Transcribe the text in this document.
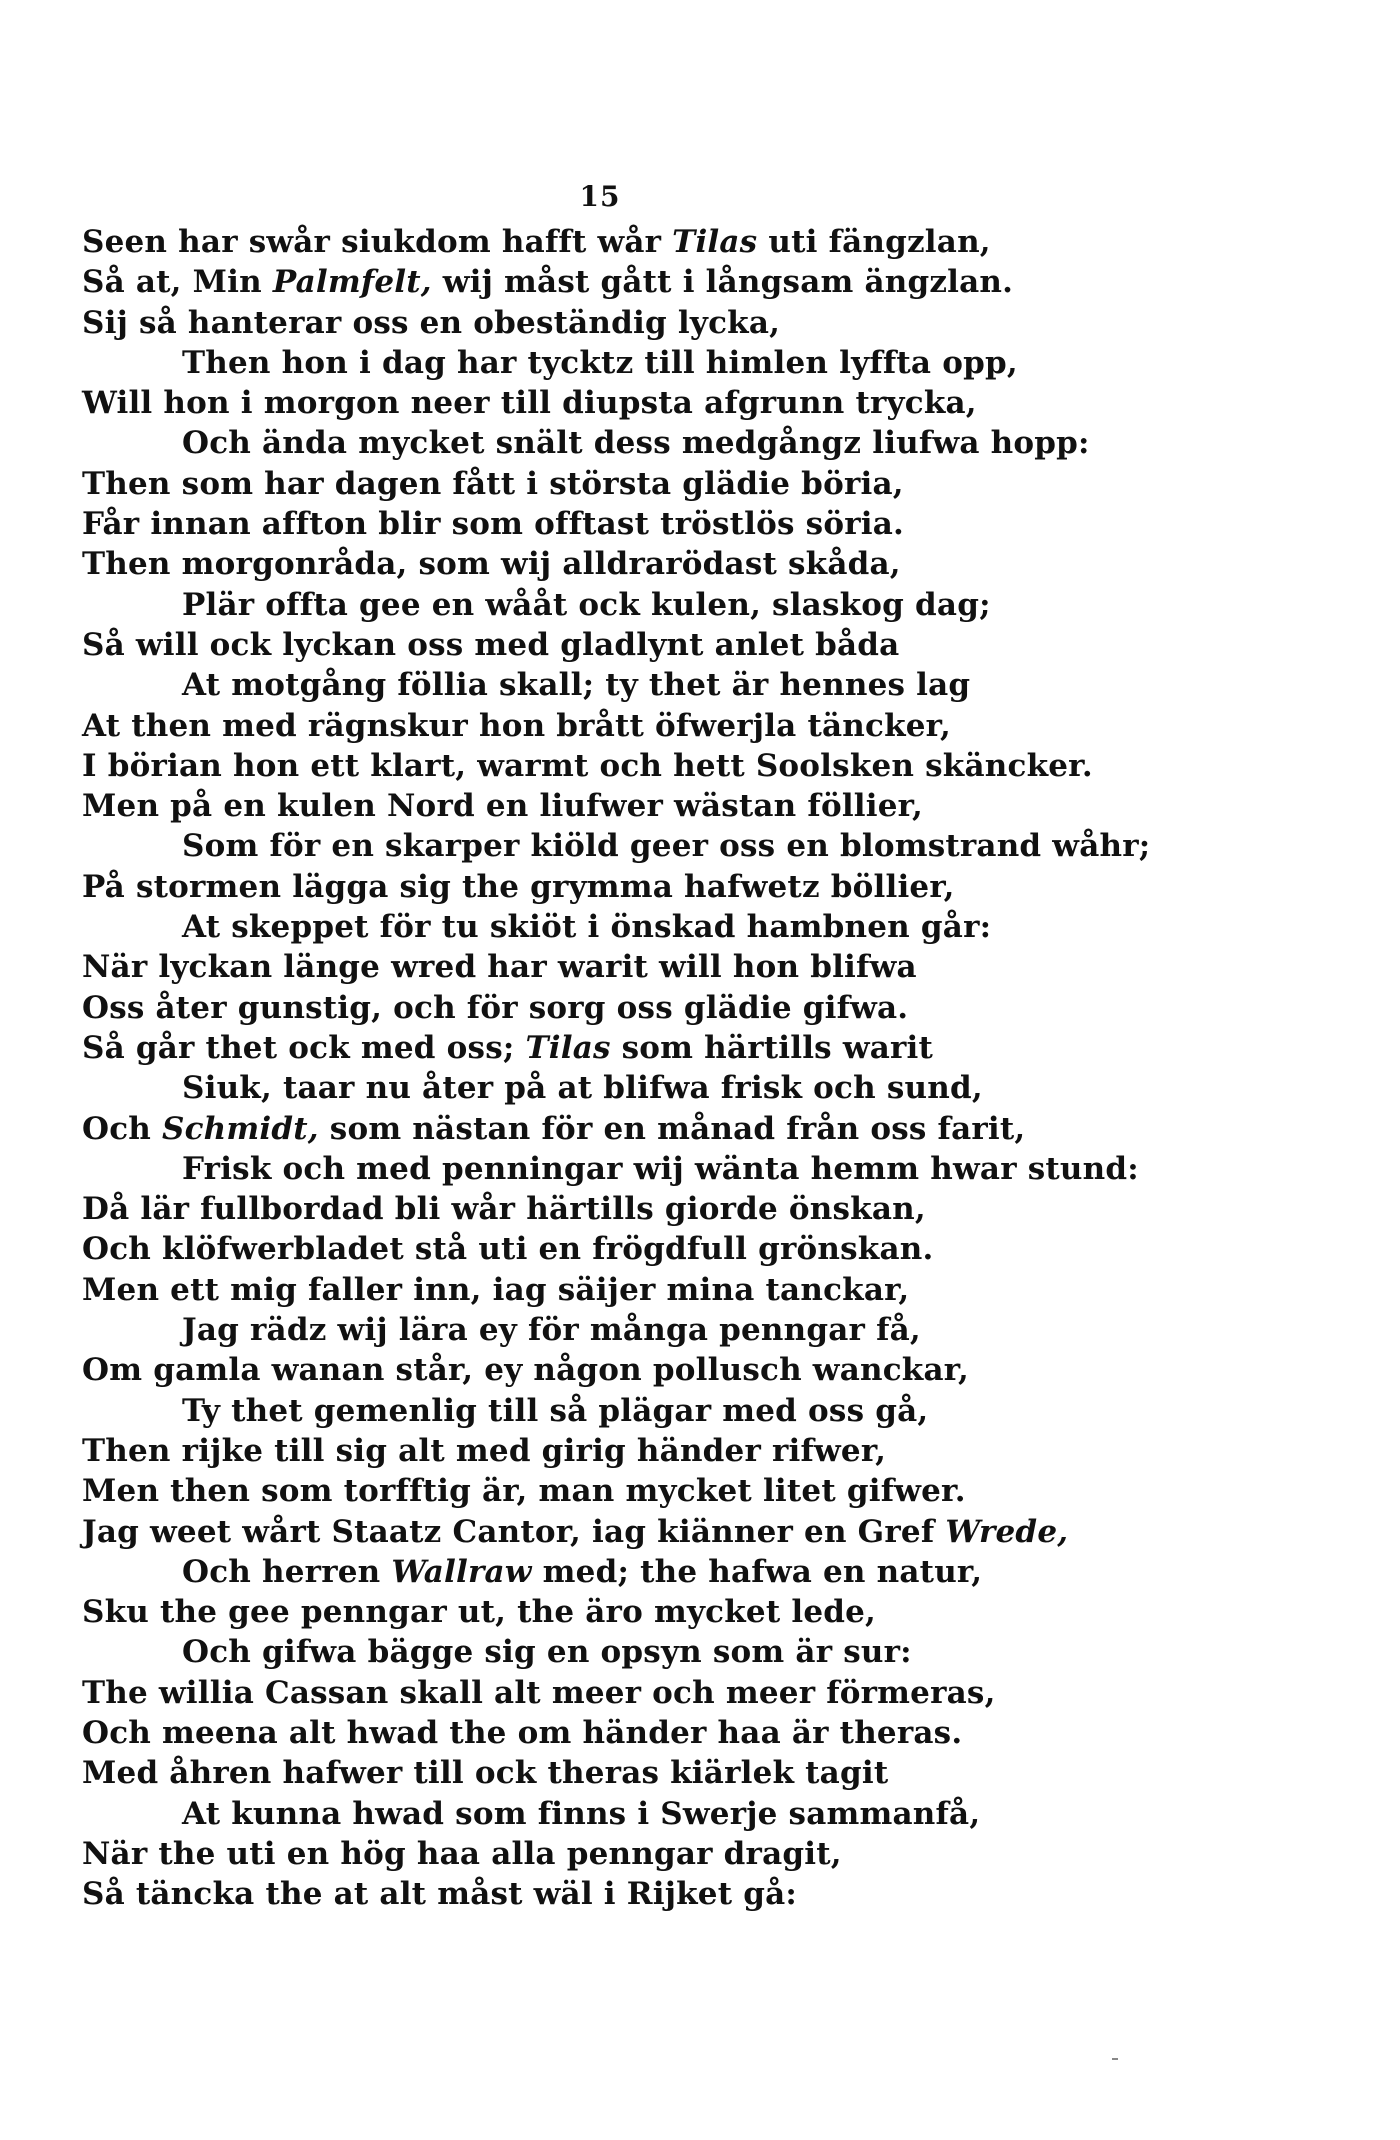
15
Seen har swår siukdom hafft wår Tilas uti fängzlan,
Så at, Min Palmfelt, wij måst gått i långsam ängzlan.
Sij så hanterar oss en obeständig lycka,
Then hon i dag har tycktz till himlen lyffta opp,
Will hon i morgon neer till diupsta afgrunn trycka,
Och ända mycket snält dess medgångz liufwa hopp:
Then som har dagen fått i största glädie böria,
Får innan affton blir som offtast tröstlös söria.
Then morgonråda, som wij alldrarödast skåda,
Plär offta gee en wååt ock kulen, slaskog dag;
Så will ock lyckan oss med gladlynt anlet båda
At motgång föllia skall; ty thet är hennes lag
At then med rägnskur hon brått öfwerjla täncker,
I börian hon ett klart, warmt och hett Soolsken skäncker.
Men på en kulen Nord en liufwer wästan föllier,
Som för en skarper kiöld geer oss en blomstrand wåhr;
På stormen lägga sig the grymma hafwetz böllier,
At skeppet för tu skiöt i önskad hambnen går:
När lyckan länge wred har warit will hon blifwa
Oss åter gunstig, och för sorg oss glädie gifwa.
Så går thet ock med oss; Tilas som härtills warit
Siuk, taar nu åter på at blifwa frisk och sund,
Och Schmidt, som nästan för en månad från oss farit,
Frisk och med penningar wij wänta hemm hwar stund:
Då lär fullbordad bli wår härtills giorde önskan,
Och klöfwerbladet stå uti en frögdfull grönskan.
Men ett mig faller inn, iag säijer mina tanckar,
Jag rädz wij lära ey för många penngar få,
Om gamla wanan står, ey någon pollusch wanckar,
Ty thet gemenlig till så plägar med oss gå,
Then rijke till sig alt med girig händer rifwer,
Men then som torfftig är, man mycket litet gifwer.
Jag weet wårt Staatz Cantor, iag kiänner en Gref Wrede,
Och herren Wallraw med; the hafwa en natur,
Sku the gee penngar ut, the äro mycket lede,
Och gifwa bägge sig en opsyn som är sur:
The willia Cassan skall alt meer och meer förmeras,
Och meena alt hwad the om händer haa är theras.
Med åhren hafwer till ock theras kiärlek tagit
At kunna hwad som finns i Swerje sammanfå,
När the uti en hög haa alla penngar dragit,
Så täncka the at alt måst wäl i Rijket gå:
